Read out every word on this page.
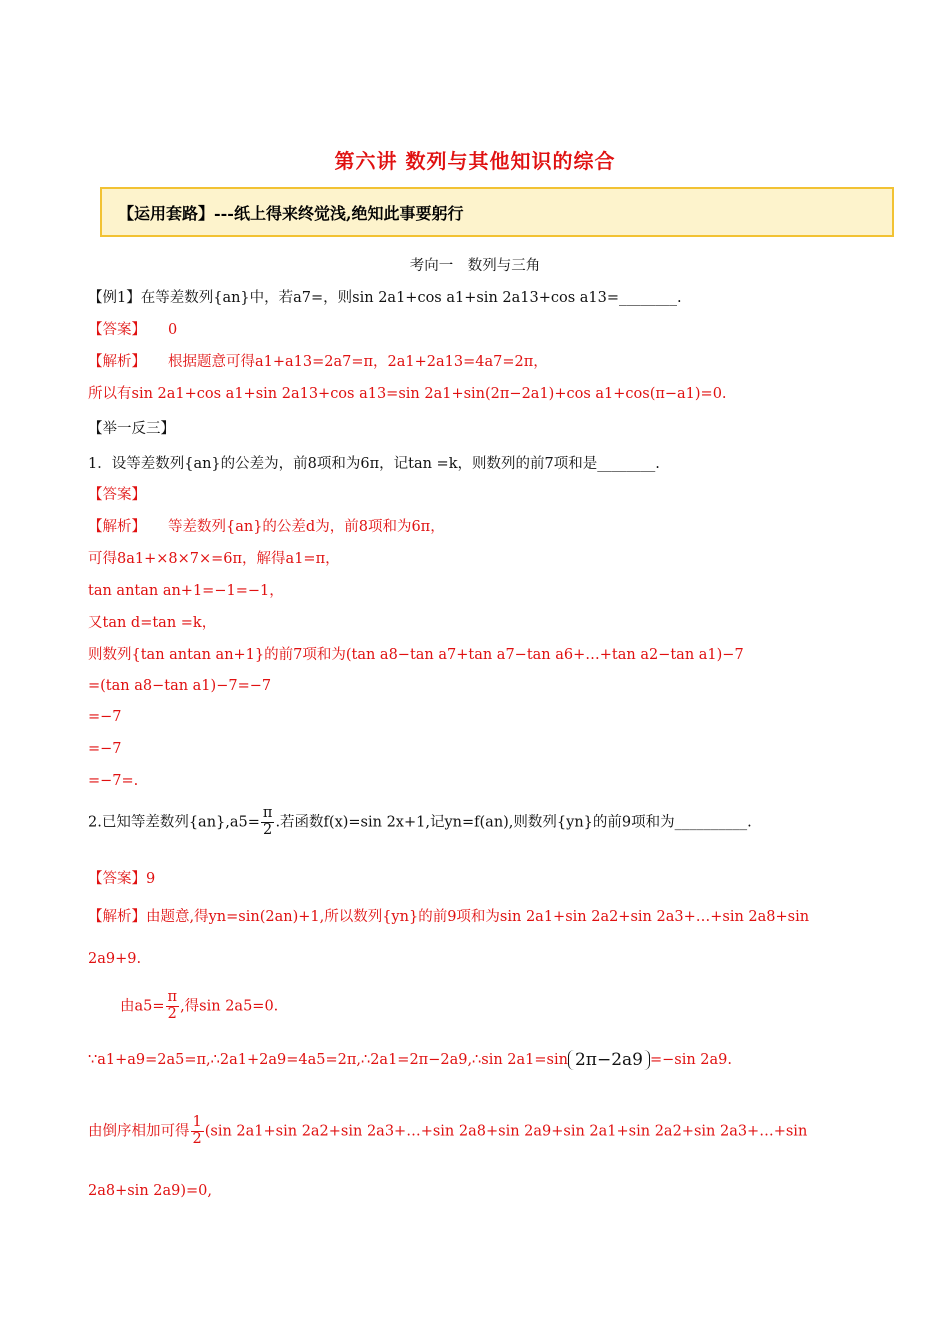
第六讲 数列与其他知识的综合
【运用套路】---纸上得来终觉浅,绝知此事要躬行
考向一　数列与三角
【例1】在等差数列{an}中，若a7=，则sin 2a1+cos a1+sin 2a13+cos a13=________.
【答案】 0
【解析】 根据题意可得a1+a13=2a7=π，2a1+2a13=4a7=2π，
所以有sin 2a1+cos a1+sin 2a13+cos a13=sin 2a1+sin(2π−2a1)+cos a1+cos(π−a1)=0.
【举一反三】
1．设等差数列{an}的公差为，前8项和为6π，记tan =k，则数列的前7项和是________.
【答案】
【解析】 等差数列{an}的公差d为，前8项和为6π，
可得8a1+×8×7×=6π，解得a1=π，
tan antan an+1=−1=−1，
又tan d=tan =k，
则数列{tan antan an+1}的前7项和为(tan a8−tan a7+tan a7−tan a6+…+tan a2−tan a1)−7
=(tan a8−tan a1)−7=−7
=−7
=−7
=−7=.
2.已知等差数列$\{an\},a5= \frac{\pi}{2}$ .若函数f(x)=sin 2x+1,记yn=f(an),则数列{yn}的前9项和为__________.
【答案】9
【解析】由题意,得yn=sin(2an)+1,所以数列{yn}的前9项和为sin 2a1+sin 2a2+sin 2a3+…+sin 2a8+sin
2a9+9.
由$a5= \frac{\pi}{2}$ ,得sin 2a5=0.
∵a1+a9=2a5=π,∴2a1+2a9=4a5=2π,∴2a1=2π−2a9,∴sin 2a1=sin 2π−2a9 =−sin 2a9.
由倒序相加可得 $\frac{1}{2} (\sin$ 2a1+sin 2a2+sin 2a3+…+sin 2a8+sin 2a9+sin 2a1+sin 2a2+sin 2a3+…+sin
2a8+sin 2a9)=0,
